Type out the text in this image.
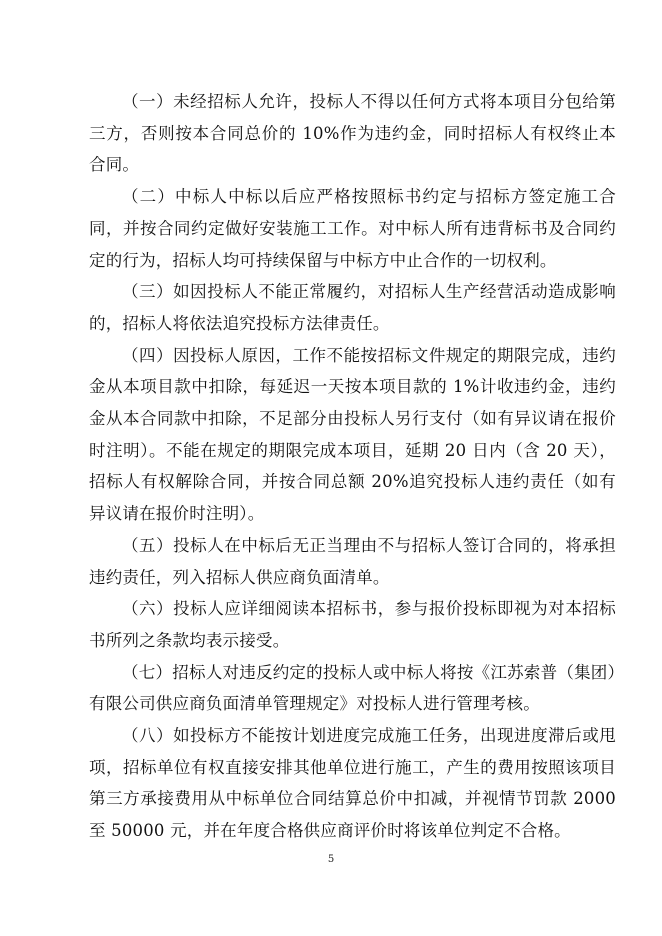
（一）未经招标人允许，投标人不得以任何方式将本项目分包给第三方，否则按本合同总价的 10%作为违约金，同时招标人有权终止本合同。

（二）中标人中标以后应严格按照标书约定与招标方签定施工合同，并按合同约定做好安装施工工作。对中标人所有违背标书及合同约定的行为，招标人均可持续保留与中标方中止合作的一切权利。

（三）如因投标人不能正常履约，对招标人生产经营活动造成影响的，招标人将依法追究投标方法律责任。

（四）因投标人原因，工作不能按招标文件规定的期限完成，违约金从本项目款中扣除，每延迟一天按本项目款的 1%计收违约金，违约金从本合同款中扣除，不足部分由投标人另行支付（如有异议请在报价时注明）。不能在规定的期限完成本项目，延期 20 日内（含 20 天），招标人有权解除合同，并按合同总额 20%追究投标人违约责任（如有异议请在报价时注明）。

（五）投标人在中标后无正当理由不与招标人签订合同的，将承担违约责任，列入招标人供应商负面清单。

（六）投标人应详细阅读本招标书，参与报价投标即视为对本招标书所列之条款均表示接受。

（七）招标人对违反约定的投标人或中标人将按《江苏索普（集团）有限公司供应商负面清单管理规定》对投标人进行管理考核。

（八）如投标方不能按计划进度完成施工任务，出现进度滞后或甩项，招标单位有权直接安排其他单位进行施工，产生的费用按照该项目第三方承接费用从中标单位合同结算总价中扣减，并视情节罚款 2000 至 50000 元，并在年度合格供应商评价时将该单位判定不合格。

5
